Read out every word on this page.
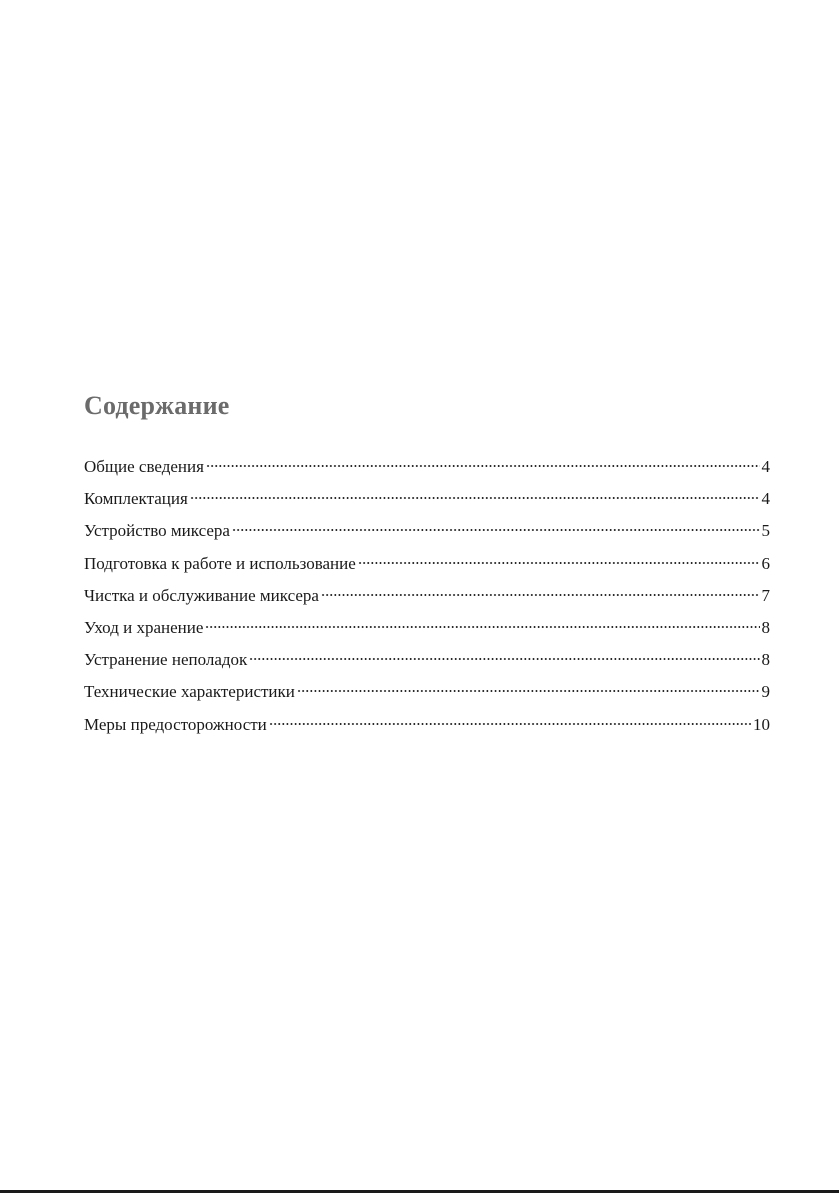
Содержание
Общие сведения	4
Комплектация	4
Устройство миксера	5
Подготовка к работе и использование	6
Чистка и обслуживание миксера	7
Уход и хранение	8
Устранение неполадок	8
Технические характеристики	9
Меры предосторожности	10
